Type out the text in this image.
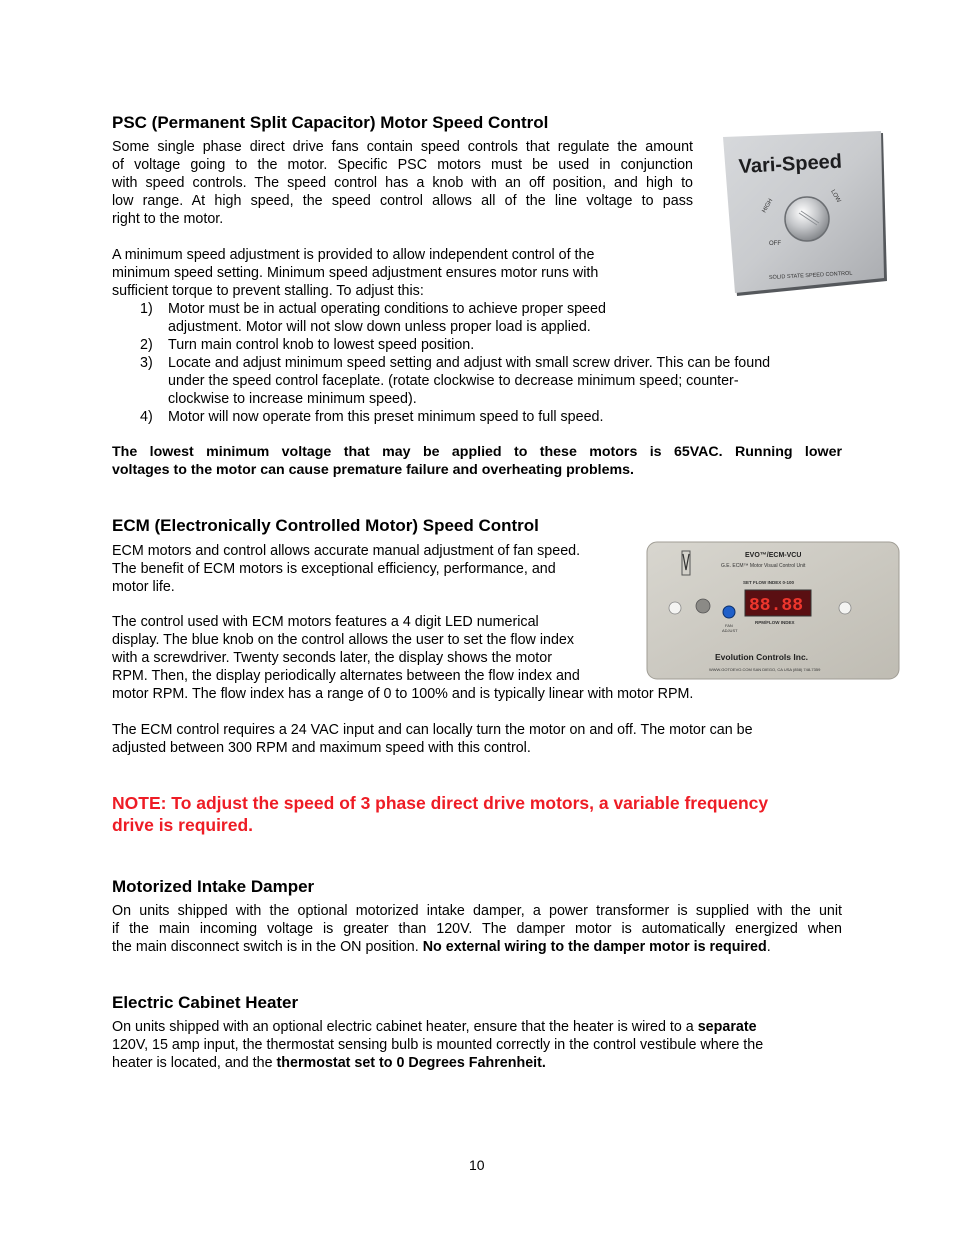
PSC (Permanent Split Capacitor) Motor Speed Control

Some single phase direct drive fans contain speed controls that regulate the amount
of voltage going to the motor. Specific PSC motors must be used in conjunction
with speed controls. The speed control has a knob with an off position, and high to
low range. At high speed, the speed control allows all of the line voltage to pass
right to the motor.

A minimum speed adjustment is provided to allow independent control of the
minimum speed setting. Minimum speed adjustment ensures motor runs with
sufficient torque to prevent stalling. To adjust this:

1) Motor must be in actual operating conditions to achieve proper speed
adjustment. Motor will not slow down unless proper load is applied.
2) Turn main control knob to lowest speed position.
3) Locate and adjust minimum speed setting and adjust with small screw driver. This can be found
under the speed control faceplate. (rotate clockwise to decrease minimum speed; counter-
clockwise to increase minimum speed).
4) Motor will now operate from this preset minimum speed to full speed.

The lowest minimum voltage that may be applied to these motors is 65VAC. Running lower
voltages to the motor can cause premature failure and overheating problems.

Vari-Speed
HIGH
LOW
OFF
SOLID STATE SPEED CONTROL
ECM (Electronically Controlled Motor) Speed Control

ECM motors and control allows accurate manual adjustment of fan speed.
The benefit of ECM motors is exceptional efficiency, performance, and
motor life.

The control used with ECM motors features a 4 digit LED numerical
display. The blue knob on the control allows the user to set the flow index
with a screwdriver. Twenty seconds later, the display shows the motor
RPM. Then, the display periodically alternates between the flow index and
motor RPM. The flow index has a range of 0 to 100% and is typically linear with motor RPM.

The ECM control requires a 24 VAC input and can locally turn the motor on and off. The motor can be
adjusted between 300 RPM and maximum speed with this control.

EVO™/ECM-VCU
G.E. ECM™ Motor Visual Control Unit
SET FLOW INDEX 0-100
88.88
FAN
ADJUST
RPM/FLOW INDEX
Evolution Controls Inc.
WWW.GOTOEVO.COM SAN DIEGO, CA USA (858) 748-7359

NOTE: To adjust the speed of 3 phase direct drive motors, a variable frequency
drive is required.

Motorized Intake Damper

On units shipped with the optional motorized intake damper, a power transformer is supplied with the unit
if the main incoming voltage is greater than 120V. The damper motor is automatically energized when
the main disconnect switch is in the ON position. No external wiring to the damper motor is required.

Electric Cabinet Heater

On units shipped with an optional electric cabinet heater, ensure that the heater is wired to a separate
120V, 15 amp input, the thermostat sensing bulb is mounted correctly in the control vestibule where the
heater is located, and the thermostat set to 0 Degrees Fahrenheit.

10
